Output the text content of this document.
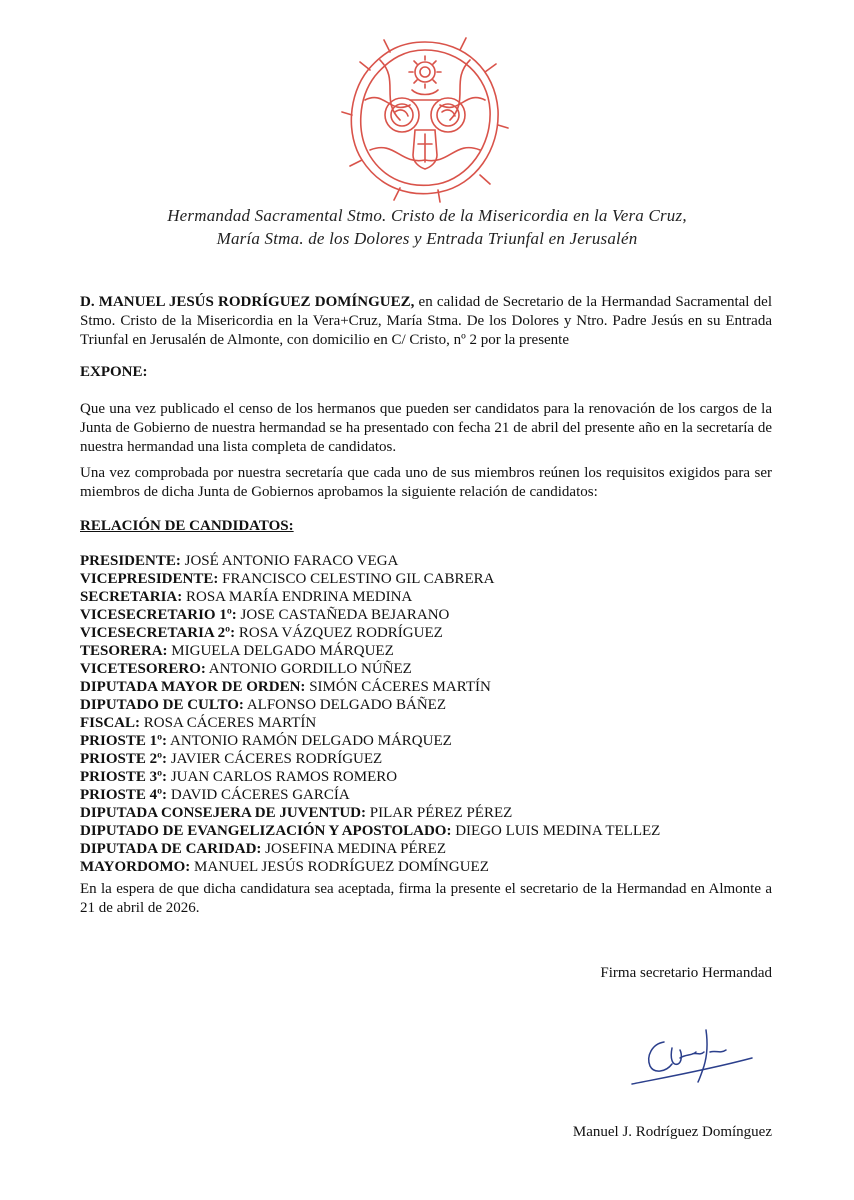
Hermandad Sacramental Stmo. Cristo de la Misericordia en la Vera Cruz,
María Stma. de los Dolores y Entrada Triunfal en Jerusalén

D. MANUEL JESÚS RODRÍGUEZ DOMÍNGUEZ, en calidad de Secretario de la Hermandad Sacramental del Stmo. Cristo de la Misericordia en la Vera+Cruz, María Stma. De los Dolores y Ntro. Padre Jesús en su Entrada Triunfal en Jerusalén de Almonte, con domicilio en C/ Cristo, nº 2 por la presente

EXPONE:

Que una vez publicado el censo de los hermanos que pueden ser candidatos para la renovación de los cargos de la Junta de Gobierno de nuestra hermandad se ha presentado con fecha 21 de abril del presente año en la secretaría de nuestra hermandad una lista completa de candidatos.

Una vez comprobada por nuestra secretaría que cada uno de sus miembros reúnen los requisitos exigidos para ser miembros de dicha Junta de Gobiernos aprobamos la siguiente relación de candidatos:

RELACIÓN DE CANDIDATOS:

PRESIDENTE: JOSÉ ANTONIO FARACO VEGA

VICEPRESIDENTE: FRANCISCO CELESTINO GIL CABRERA

SECRETARIA: ROSA MARÍA ENDRINA MEDINA

VICESECRETARIO 1º: JOSE CASTAÑEDA BEJARANO

VICESECRETARIA 2º: ROSA VÁZQUEZ RODRÍGUEZ

TESORERA: MIGUELA DELGADO MÁRQUEZ

VICETESORERO: ANTONIO GORDILLO NÚÑEZ

DIPUTADA MAYOR DE ORDEN: SIMÓN CÁCERES MARTÍN

DIPUTADO DE CULTO: ALFONSO DELGADO BÁÑEZ

FISCAL: ROSA CÁCERES MARTÍN

PRIOSTE 1º: ANTONIO RAMÓN DELGADO MÁRQUEZ

PRIOSTE 2º: JAVIER CÁCERES RODRÍGUEZ

PRIOSTE 3º: JUAN CARLOS RAMOS ROMERO

PRIOSTE 4º: DAVID CÁCERES GARCÍA

DIPUTADA CONSEJERA DE JUVENTUD: PILAR PÉREZ PÉREZ

DIPUTADO DE EVANGELIZACIÓN Y APOSTOLADO: DIEGO LUIS MEDINA TELLEZ

DIPUTADA DE CARIDAD: JOSEFINA MEDINA PÉREZ

MAYORDOMO: MANUEL JESÚS RODRÍGUEZ DOMÍNGUEZ

En la espera de que dicha candidatura sea aceptada, firma la presente el secretario de la Hermandad en Almonte a 21 de abril de 2026.

Firma secretario Hermandad
Manuel J. Rodríguez Domínguez
